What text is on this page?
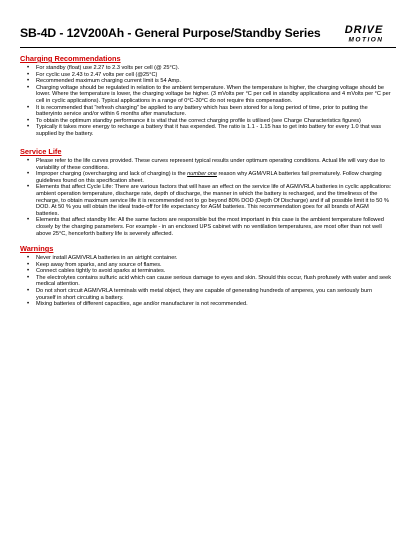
SB-4D - 12V200Ah - General Purpose/Standby Series DRIVE
MOTION
Charging Recommendations
• For standby (float) use 2.27 to 2.3 volts per cell (@ 25°C).
• For cyclic use 2.43 to 2.47 volts per cell (@25°C)
• Recommended maximum charging current limit is 54 Amp.
• Charging voltage should be regulated in relation to the ambient temperature. When the temperature is higher, the charging voltage should be lower. Where the temperature is lower, the charging voltage be higher. (3 mVolts per °C per cell in standby applications and 4 mVolts per °C per cell in cyclic applications). Typical applications in a range of 0°C-30°C do not require this compensation.
• It is recommended that "refresh charging" be applied to any battery which has been stored for a long period of time, prior to putting the batteryinto service and/or within 6 months after manufacture.
• To obtain the optimum standby performance it is vital that the correct charging profile is utilised (see Charge Characteristics figures)
• Typically it takes more energy to recharge a battery that it has expended. The ratio is 1.1 - 1.15 has to get into battery for every 1.0 that was supplied by the battery.
Service Life
• Please refer to the life curves provided. These curves represent typical results under optimum operating conditions. Actual life will vary due to variability of these conditions.
• Improper charging (overcharging and lack of charging) is the number one reason why AGM/VRLA batteries fail prematurely. Follow charging guidelines found on this specification sheet.
• Elements that affect Cycle Life: There are various factors that will have an effect on the service life of AGM/VRLA batteries in cyclic applications: ambient operation temperature, discharge rate, depth of discharge, the manner in which the battery is recharged, and the timeliness of the recharge, to obtain maximum service life it is recommended not to go beyond 80% DOD (Depth Of Discharge) and if all possible limit it to 50 % DOD. At 50 % you will obtain the ideal trade-off for life expectancy for AGM batteries. This recommendation goes for all brands of AGM batteries.
• Elements that affect standby life: All the same factors are responsible but the most important in this case is the ambient temperature followed closely by the charging parameters. For example - in an enclosed UPS cabinet with no ventilation temperatures, are most ofter than not well above 25°C, henceforth battery life is severely affected.
Warnings
• Never install AGM/VRLA batteries in an airtight container.
• Keep away from sparks, and any source of flames.
• Connect cables tightly to avoid sparks at terminates.
• The electrolytes contains sulfuric acid which can cause serious damage to eyes and skin. Should this occur, flush profusely with water and seek medical attention.
• Do not short circuit AGM/VRLA terminals with metal object, they are capable of generating hundreds of amperes, you can seriously burn yourself in short circuiting a battery.
• Mixing batteries of different capacities, age and/or manufacturer is not recommended.
